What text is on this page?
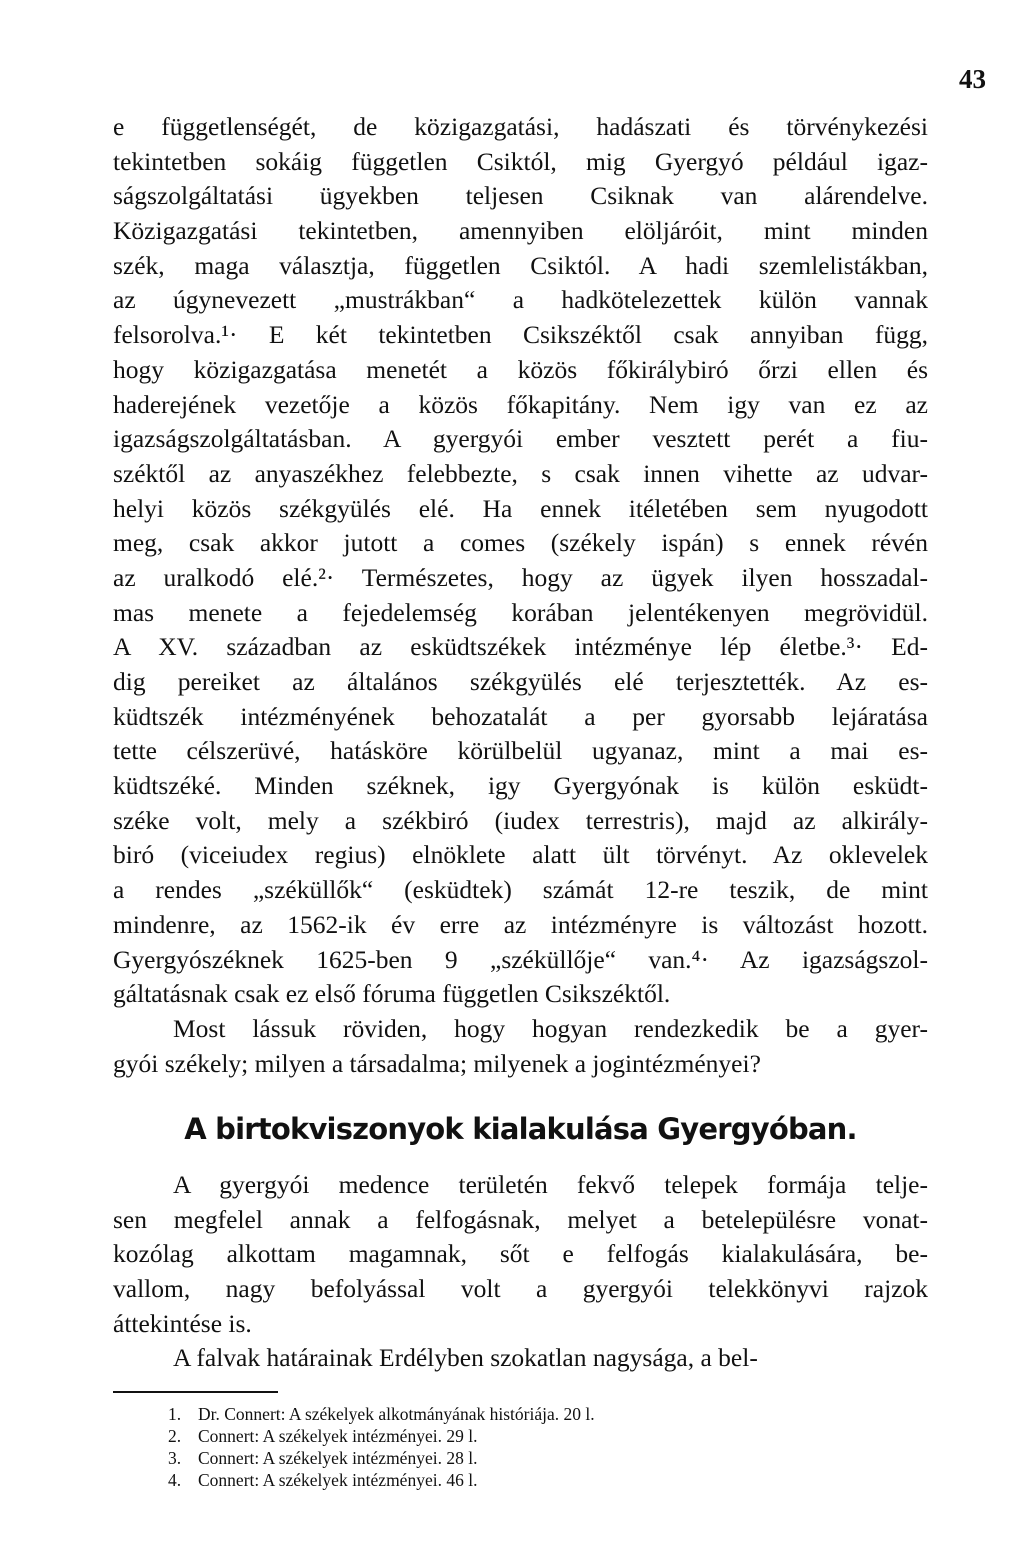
43
e függetlenségét, de közigazgatási, hadászati és törvénykezési
tekintetben sokáig független Csiktól, mig Gyergyó például igaz-
ságszolgáltatási ügyekben teljesen Csiknak van alárendelve.
Közigazgatási tekintetben, amennyiben elöljáróit, mint minden
szék, maga választja, független Csiktól. A hadi szemlelistákban,
az úgynevezett „mustrákban“ a hadkötelezettek külön vannak
felsorolva.¹· E két tekintetben Csikszéktől csak annyiban függ,
hogy közigazgatása menetét a közös főkirálybiró őrzi ellen és
haderejének vezetője a közös főkapitány. Nem igy van ez az
igazságszolgáltatásban. A gyergyói ember vesztett perét a fiu-
széktől az anyaszékhez felebbezte, s csak innen vihette az udvar-
helyi közös székgyülés elé. Ha ennek itéletében sem nyugodott
meg, csak akkor jutott a comes (székely ispán) s ennek révén
az uralkodó elé.²· Természetes, hogy az ügyek ilyen hosszadal-
mas menete a fejedelemség korában jelentékenyen megrövidül.
A XV. században az esküdtszékek intézménye lép életbe.³· Ed-
dig pereiket az általános székgyülés elé terjesztették. Az es-
küdtszék intézményének behozatalát a per gyorsabb lejáratása
tette célszerüvé, hatásköre körülbelül ugyanaz, mint a mai es-
küdtszéké. Minden széknek, igy Gyergyónak is külön esküdt-
széke volt, mely a székbiró (iudex terrestris), majd az alkirály-
biró (viceiudex regius) elnöklete alatt ült törvényt. Az oklevelek
a rendes „széküllők“ (esküdtek) számát 12-re teszik, de mint
mindenre, az 1562-ik év erre az intézményre is változást hozott.
Gyergyószéknek 1625-ben 9 „széküllője“ van.⁴· Az igazságszol-
gáltatásnak csak ez első fóruma független Csikszéktől.
Most lássuk röviden, hogy hogyan rendezkedik be a gyer-
gyói székely; milyen a társadalma; milyenek a jogintézményei?
A birtokviszonyok kialakulása Gyergyóban.
A gyergyói medence területén fekvő telepek formája telje-
sen megfelel annak a felfogásnak, melyet a betelepülésre vonat-
kozólag alkottam magamnak, sőt e felfogás kialakulására, be-
vallom, nagy befolyással volt a gyergyói telekkönyvi rajzok
áttekintése is.
A falvak határainak Erdélyben szokatlan nagysága, a bel-
1. Dr. Connert: A székelyek alkotmányának históriája. 20 l.
2. Connert: A székelyek intézményei. 29 l.
3. Connert: A székelyek intézményei. 28 l.
4. Connert: A székelyek intézményei. 46 l.
